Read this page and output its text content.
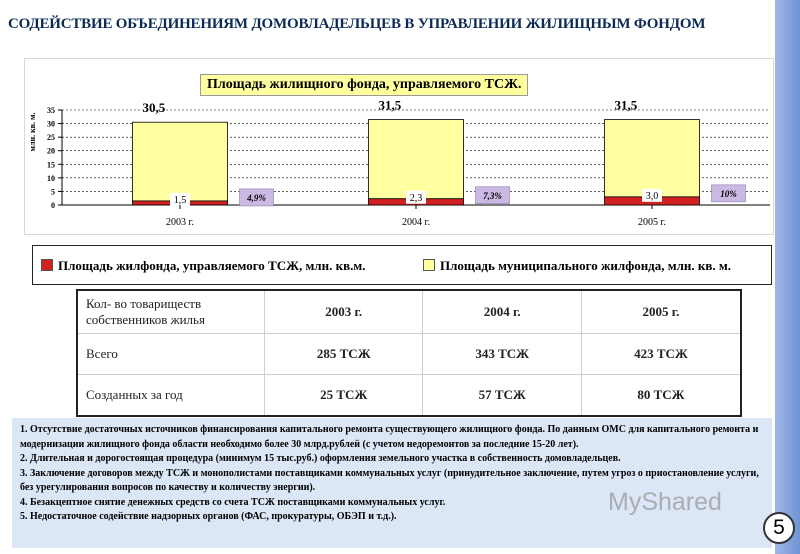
СОДЕЙСТВИЕ ОБЪЕДИНЕНИЯМ ДОМОВЛАДЕЛЬЦЕВ В УПРАВЛЕНИИ ЖИЛИЩНЫМ ФОНДОМ
0
5
10
15
20
25
30
35
млн. кв. м.
30,5
1,5	4,9%
2003 г.
31,5
2,3	7,3%
2004 г.
31,5
3,0	10%
2005 г.
Площадь жилищного фонда, управляемого ТСЖ.
Площадь жилфонда, управляемого ТСЖ, млн. кв.м.	Площадь муниципального жилфонда, млн. кв. м.
Кол- во товариществ собственников жилья	2003 г.	2004 г.	2005 г.
Всего	285 ТСЖ	343 ТСЖ	423 ТСЖ
Созданных за год	25 ТСЖ	57 ТСЖ	80 ТСЖ

1. Отсутствие достаточных источников финансирования капитального ремонта существующего жилищного фонда. По данным ОМС для капитального ремонта и модернизации жилищного фонда области необходимо более 30 млрд.рублей (с учетом недоремонтов за последние 15-20 лет).

2. Длительная и дорогостоящая процедура (минимум 15 тыс.руб.) оформления земельного участка в собственность домовладельцев.

3. Заключение договоров между ТСЖ и монополистами поставщиками коммунальных услуг (принудительное заключение, путем угроз о приостановление услуги, без урегулирования вопросов по качеству и количеству энергии).

4. Безакцептное снятие денежных средств со счета ТСЖ поставщиками коммунальных услуг.

5. Недостаточное содействие надзорных органов (ФАС, прокуратуры, ОБЭП и т.д.).

MyShared
5
